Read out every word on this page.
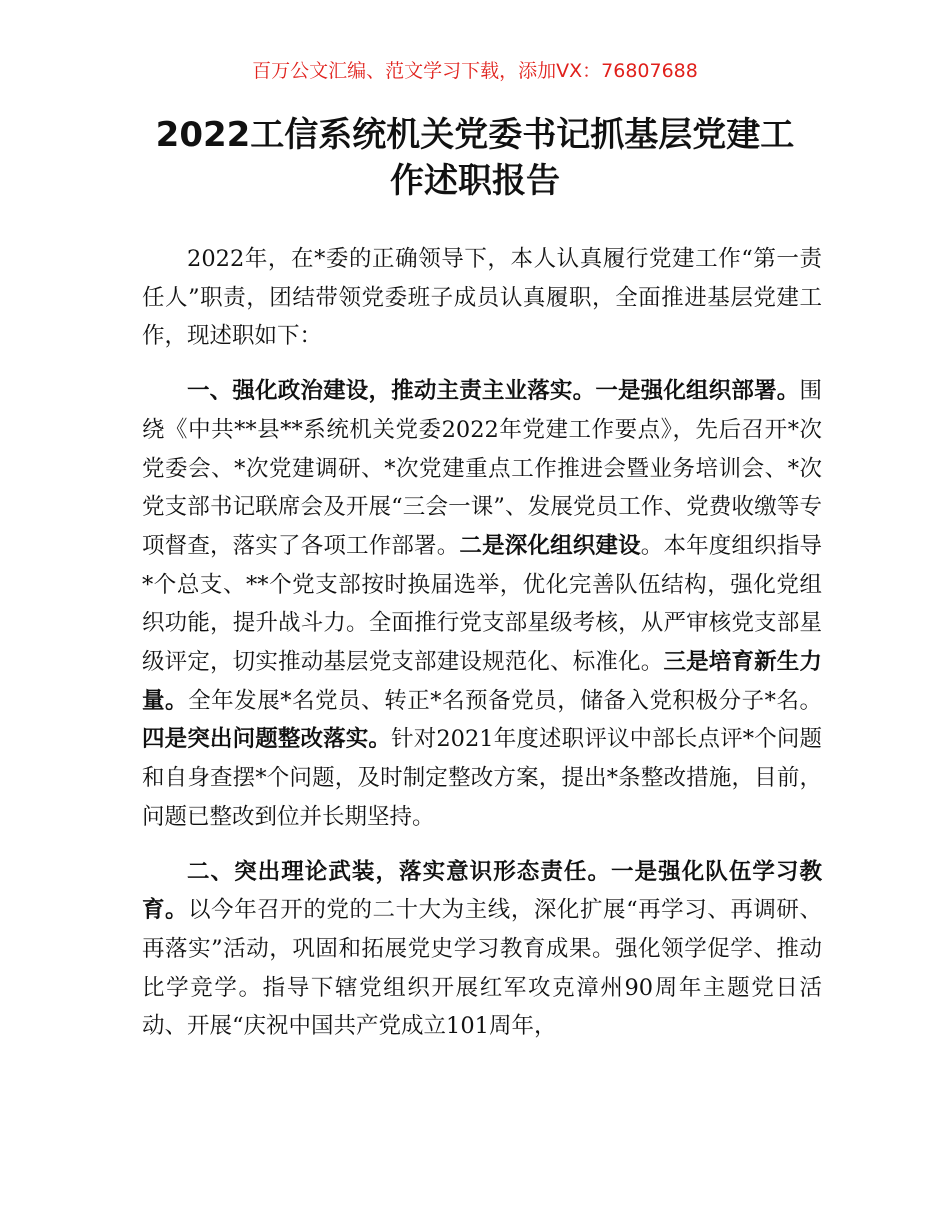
百万公文汇编、范文学习下载，添加VX：76807688
2022工信系统机关党委书记抓基层党建工
作述职报告

2022年，在*委的正确领导下，本人认真履行党建工作“第一责任人”职责，团结带领党委班子成员认真履职，全面推进基层党建工作，现述职如下：

一、强化政治建设，推动主责主业落实。一是强化组织部署。围绕《中共**县**系统机关党委2022年党建工作要点》，先后召开*次党委会、*次党建调研、*次党建重点工作推进会暨业务培训会、*次党支部书记联席会及开展“三会一课”、发展党员工作、党费收缴等专项督查，落实了各项工作部署。二是深化组织建设。本年度组织指导*个总支、**个党支部按时换届选举，优化完善队伍结构，强化党组织功能，提升战斗力。全面推行党支部星级考核，从严审核党支部星级评定，切实推动基层党支部建设规范化、标准化。三是培育新生力量。全年发展*名党员、转正*名预备党员，储备入党积极分子*名。四是突出问题整改落实。针对2021年度述职评议中部长点评*个问题和自身查摆*个问题，及时制定整改方案，提出*条整改措施，目前，问题已整改到位并长期坚持。

二、突出理论武装，落实意识形态责任。一是强化队伍学习教育。以今年召开的党的二十大为主线，深化扩展“再学习、再调研、再落实”活动，巩固和拓展党史学习教育成果。强化领学促学、推动比学竞学。指导下辖党组织开展红军攻克漳州90周年主题党日活动、开展“庆祝中国共产党成立101周年，
